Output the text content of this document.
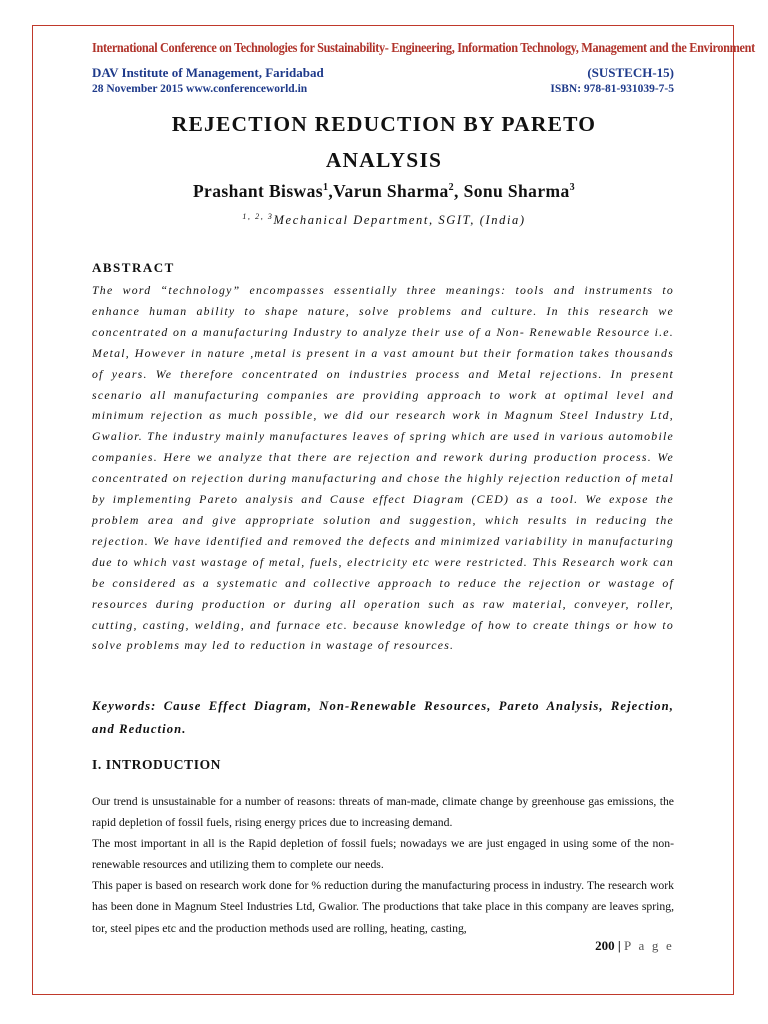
International Conference on Technologies for Sustainability- Engineering, Information Technology, Management and the Environment
DAV Institute of Management, Faridabad	(SUSTECH-15)
28 November 2015 www.conferenceworld.in	ISBN: 978-81-931039-7-5
REJECTION REDUCTION BY PARETO
ANALYSIS
Prashant Biswas$^1$,Varun Sharma$^2$, Sonu Sharma$^3$
$^{1, 2, 3}$Mechanical Department, SGIT, (India)
ABSTRACT
The word “technology” encompasses essentially three meanings: tools and instruments to enhance human ability to shape nature, solve problems and culture. In this research we concentrated on a manufacturing Industry to analyze their use of a Non- Renewable Resource i.e. Metal, However in nature ,metal is present in a vast amount but their formation takes thousands of years. We therefore concentrated on industries process and Metal rejections. In present scenario all manufacturing companies are providing approach to work at optimal level and minimum rejection as much possible, we did our research work in Magnum Steel Industry Ltd, Gwalior. The industry mainly manufactures leaves of spring which are used in various automobile companies. Here we analyze that there are rejection and rework during production process. We concentrated on rejection during manufacturing and chose the highly rejection reduction of metal by implementing Pareto analysis and Cause effect Diagram (CED) as a tool. We expose the problem area and give appropriate solution and suggestion, which results in reducing the rejection. We have identified and removed the defects and minimized variability in manufacturing due to which vast wastage of metal, fuels, electricity etc were restricted. This Research work can be considered as a systematic and collective approach to reduce the rejection or wastage of resources during production or during all operation such as raw material, conveyer, roller, cutting, casting, welding, and furnace etc. because knowledge of how to create things or how to solve problems may led to reduction in wastage of resources.
Keywords: Cause Effect Diagram, Non-Renewable Resources, Pareto Analysis, Rejection, and Reduction.
I. INTRODUCTION

Our trend is unsustainable for a number of reasons: threats of man-made, climate change by greenhouse gas emissions, the rapid depletion of fossil fuels, rising energy prices due to increasing demand.

The most important in all is the Rapid depletion of fossil fuels; nowadays we are just engaged in using some of the non- renewable resources and utilizing them to complete our needs.

This paper is based on research work done for % reduction during the manufacturing process in industry. The research work has been done in Magnum Steel Industries Ltd, Gwalior. The productions that take place in this company are leaves spring, tor, steel pipes etc and the production methods used are rolling, heating, casting,

200 | P a g e
